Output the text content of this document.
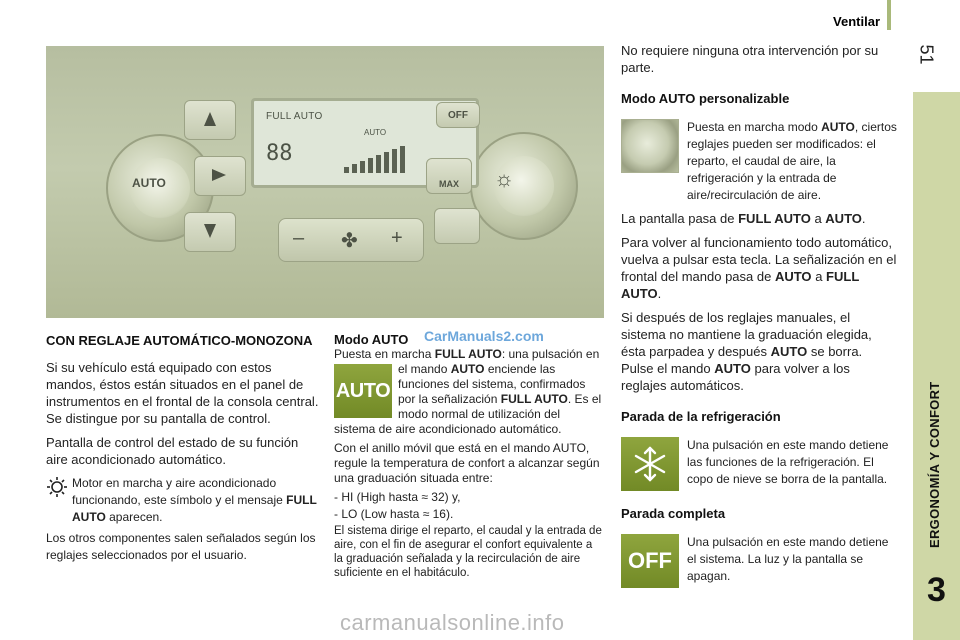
Ventilar
51
ERGONOMÍA Y CONFORT
3
AUTO	☼
FULL AUTO
88
AUTO
OFF
MAX
– ✤ +
CON REGLAJE AUTOMÁTICO-MONOZONA

Si su vehículo está equipado con estos mandos, éstos están situados en el panel de instrumentos en el frontal de la consola central. Se distingue por su pantalla de control.

Pantalla de control del estado de su función aire acondicionado automático.

Motor en marcha y aire acondicionado funcionando, este símbolo y el mensaje FULL AUTO aparecen.

Los otros componentes salen señalados según los reglajes seleccionados por el usuario.

CarManuals2.com
Modo AUTO
Puesta en marcha FULL AUTO: una pulsación en el mando
AUTO
AUTO enciende las funciones del sistema, confirmados por la señalización FULL AUTO. Es el modo normal de utilización del sistema de aire acondicionado automático.

Con el anillo móvil que está en el mando AUTO, regule la temperatura de confort a alcanzar según una graduación situada entre:

- HI (High hasta ≈ 32) y,
- LO (Low hasta ≈ 16).

El sistema dirige el reparto, el caudal y la entrada de aire, con el fin de asegurar el confort equivalente a la graduación señalada y la recirculación de aire suficiente en el habitáculo.

No requiere ninguna otra intervención por su parte.

Modo AUTO personalizable
Puesta en marcha modo AUTO, ciertos reglajes pueden ser modificados: el reparto, el caudal de aire, la refrigeración y la entrada de aire/recirculación de aire.

La pantalla pasa de FULL AUTO a AUTO.

Para volver al funcionamiento todo automático, vuelva a pulsar esta tecla. La señalización en el frontal del mando pasa de AUTO a FULL AUTO.

Si después de los reglajes manuales, el sistema no mantiene la graduación elegida, ésta parpadea y después AUTO se borra. Pulse el mando AUTO para volver a los reglajes automáticos.

Parada de la refrigeración
Una pulsación en este mando detiene las funciones de la refrigeración. El copo de nieve se borra de la pantalla.
Parada completa
OFF
Una pulsación en este mando detiene el sistema. La luz y la pantalla se apagan.
carmanualsonline.info
